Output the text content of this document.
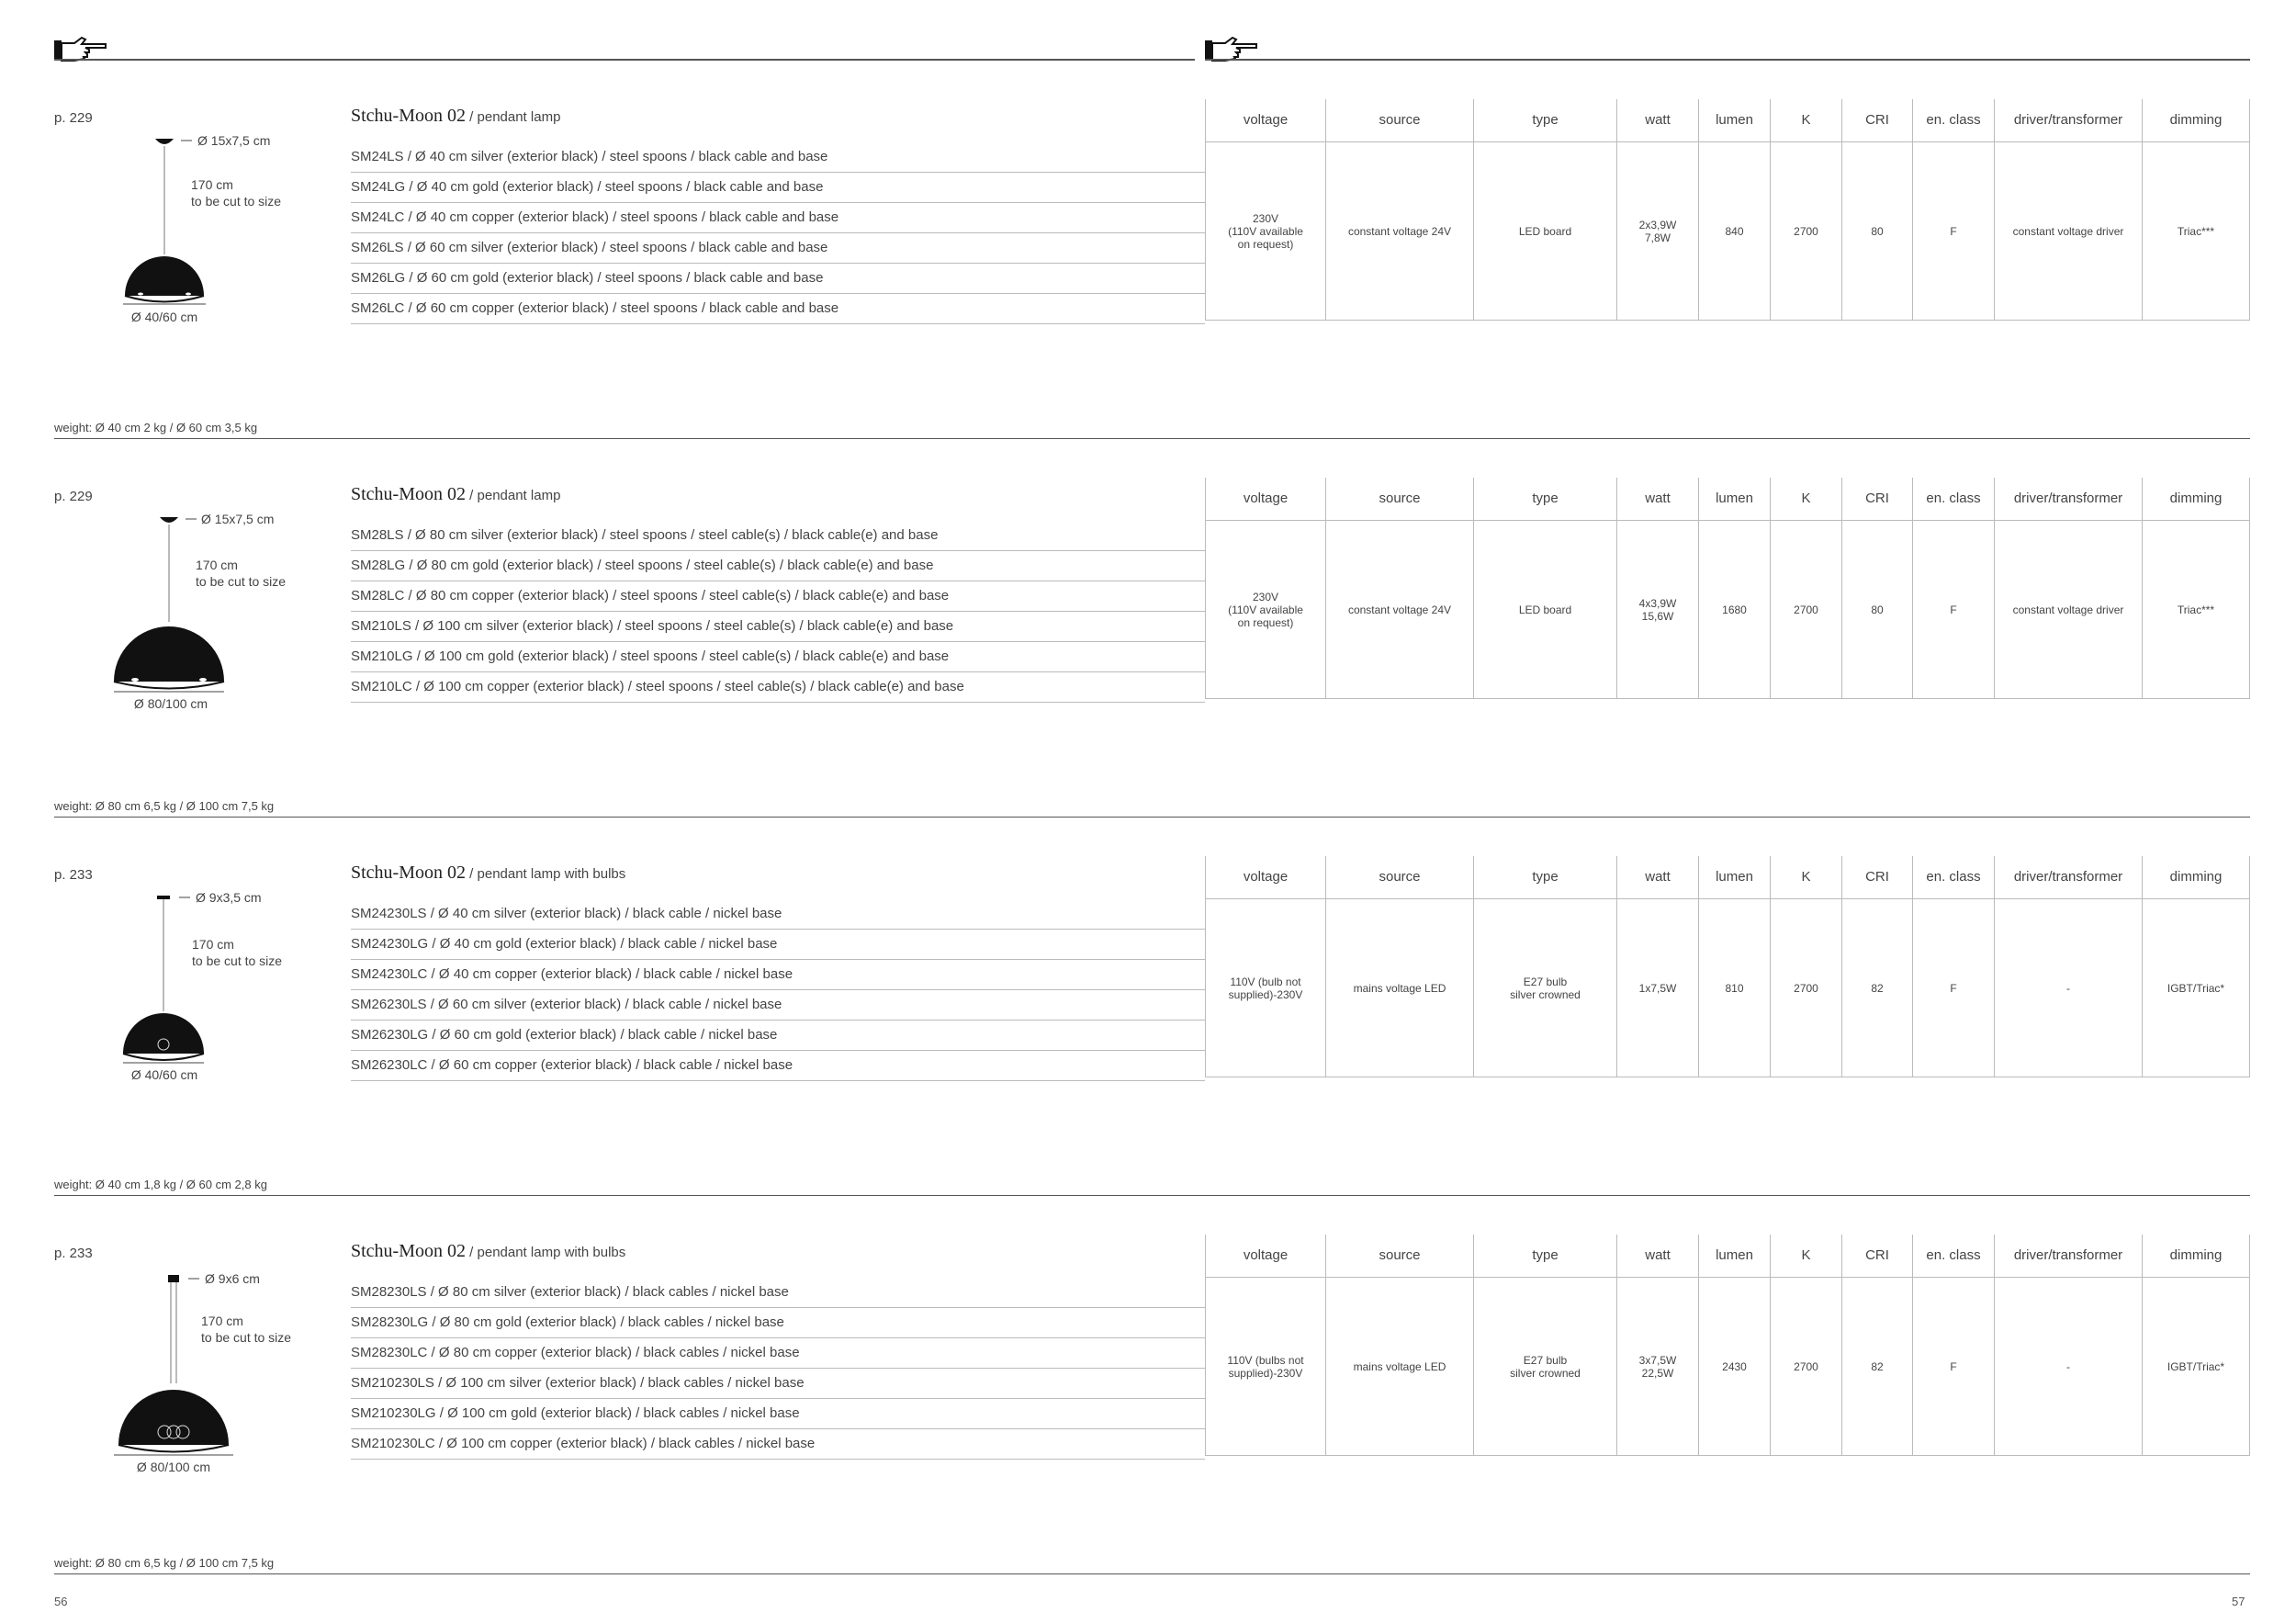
p. 229
Ø 15x7,5 cm
170 cm
to be cut to size
Ø 40/60 cm
Stchu-Moon 02 / pendant lamp
SM24LS / Ø 40 cm silver (exterior black) / steel spoons / black cable and base
SM24LG / Ø 40 cm gold (exterior black) / steel spoons / black cable and base
SM24LC / Ø 40 cm copper (exterior black) / steel spoons / black cable and base
SM26LS / Ø 60 cm silver (exterior black) / steel spoons / black cable and base
SM26LG / Ø 60 cm gold (exterior black) / steel spoons / black cable and base
SM26LC / Ø 60 cm copper (exterior black) / steel spoons / black cable and base
voltage
230V
(110V available
on request)
source
constant voltage 24V
type
LED board
watt
2x3,9W
7,8W
lumen
840
K
2700
CRI
80
en. class
F
driver/transformer
constant voltage driver
dimming
Triac***
weight: Ø 40 cm 2 kg / Ø 60 cm 3,5 kg
p. 229
Ø 15x7,5 cm
170 cm
to be cut to size
Ø 80/100 cm
Stchu-Moon 02 / pendant lamp
SM28LS / Ø 80 cm silver (exterior black) / steel spoons / steel cable(s) / black cable(e) and base
SM28LG / Ø 80 cm gold (exterior black) / steel spoons / steel cable(s) / black cable(e) and base
SM28LC / Ø 80 cm copper (exterior black) / steel spoons / steel cable(s) / black cable(e) and base
SM210LS / Ø 100 cm silver (exterior black) / steel spoons / steel cable(s) / black cable(e) and base
SM210LG / Ø 100 cm gold (exterior black) / steel spoons / steel cable(s) / black cable(e) and base
SM210LC / Ø 100 cm copper (exterior black) / steel spoons / steel cable(s) / black cable(e) and base
voltage
230V
(110V available
on request)
source
constant voltage 24V
type
LED board
watt
4x3,9W
15,6W
lumen
1680
K
2700
CRI
80
en. class
F
driver/transformer
constant voltage driver
dimming
Triac***
weight: Ø 80 cm 6,5 kg / Ø 100 cm 7,5 kg
p. 233
Ø 9x3,5 cm
170 cm
to be cut to size
Ø 40/60 cm
Stchu-Moon 02 / pendant lamp with bulbs
SM24230LS / Ø 40 cm silver (exterior black) / black cable / nickel base
SM24230LG / Ø 40 cm gold (exterior black) / black cable / nickel base
SM24230LC / Ø 40 cm copper (exterior black) / black cable / nickel base
SM26230LS / Ø 60 cm silver (exterior black) / black cable / nickel base
SM26230LG / Ø 60 cm gold (exterior black) / black cable / nickel base
SM26230LC / Ø 60 cm copper (exterior black) / black cable / nickel base
voltage
110V (bulb not
supplied)-230V
source
mains voltage LED
type
E27 bulb
silver crowned
watt
1x7,5W
lumen
810
K
2700
CRI
82
en. class
F
driver/transformer
-
dimming
IGBT/Triac*
weight: Ø 40 cm 1,8 kg / Ø 60 cm 2,8 kg
p. 233
Ø 9x6 cm
170 cm
to be cut to size
Ø 80/100 cm
Stchu-Moon 02 / pendant lamp with bulbs
SM28230LS / Ø 80 cm silver (exterior black) / black cables / nickel base
SM28230LG / Ø 80 cm gold (exterior black) / black cables / nickel base
SM28230LC / Ø 80 cm copper (exterior black) / black cables / nickel base
SM210230LS / Ø 100 cm silver (exterior black) / black cables / nickel base
SM210230LG / Ø 100 cm gold (exterior black) / black cables / nickel base
SM210230LC / Ø 100 cm copper (exterior black) / black cables / nickel base
voltage
110V (bulbs not
supplied)-230V
source
mains voltage LED
type
E27 bulb
silver crowned
watt
3x7,5W
22,5W
lumen
2430
K
2700
CRI
82
en. class
F
driver/transformer
-
dimming
IGBT/Triac*
weight: Ø 80 cm 6,5 kg / Ø 100 cm 7,5 kg
56	57
